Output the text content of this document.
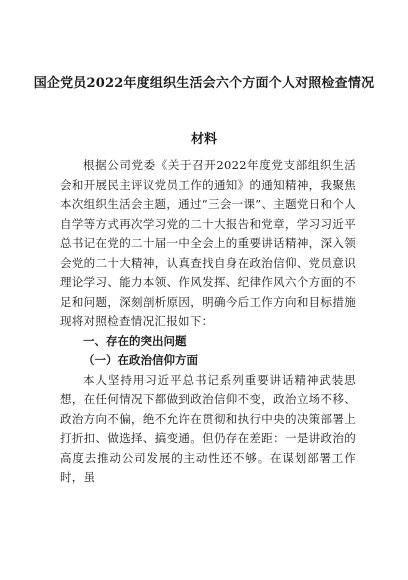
国企党员2022年度组织生活会六个方面个人对照检查情况
材料

根据公司党委《关于召开2022年度党支部组织生活会和开展民主评议党员工作的通知》的通知精神，我聚焦本次组织生活会主题，通过“三会一课”、主题党日和个人自学等方式再次学习党的二十大报告和党章，学习习近平总书记在党的二十届一中全会上的重要讲话精神，深入领会党的二十大精神，认真查找自身在政治信仰、党员意识理论学习、能力本领、作风发挥、纪律作风六个方面的不足和问题，深刻剖析原因，明确今后工作方向和目标措施现将对照检查情况汇报如下：

一、存在的突出问题

（一）在政治信仰方面

本人坚持用习近平总书记系列重要讲话精神武装思想，在任何情况下都做到政治信仰不变，政治立场不移、政治方向不偏，绝不允许在贯彻和执行中央的决策部署上打折扣、做选择、搞变通。但仍存在差距：一是讲政治的高度去推动公司发展的主动性还不够。在谋划部署工作时，虽
